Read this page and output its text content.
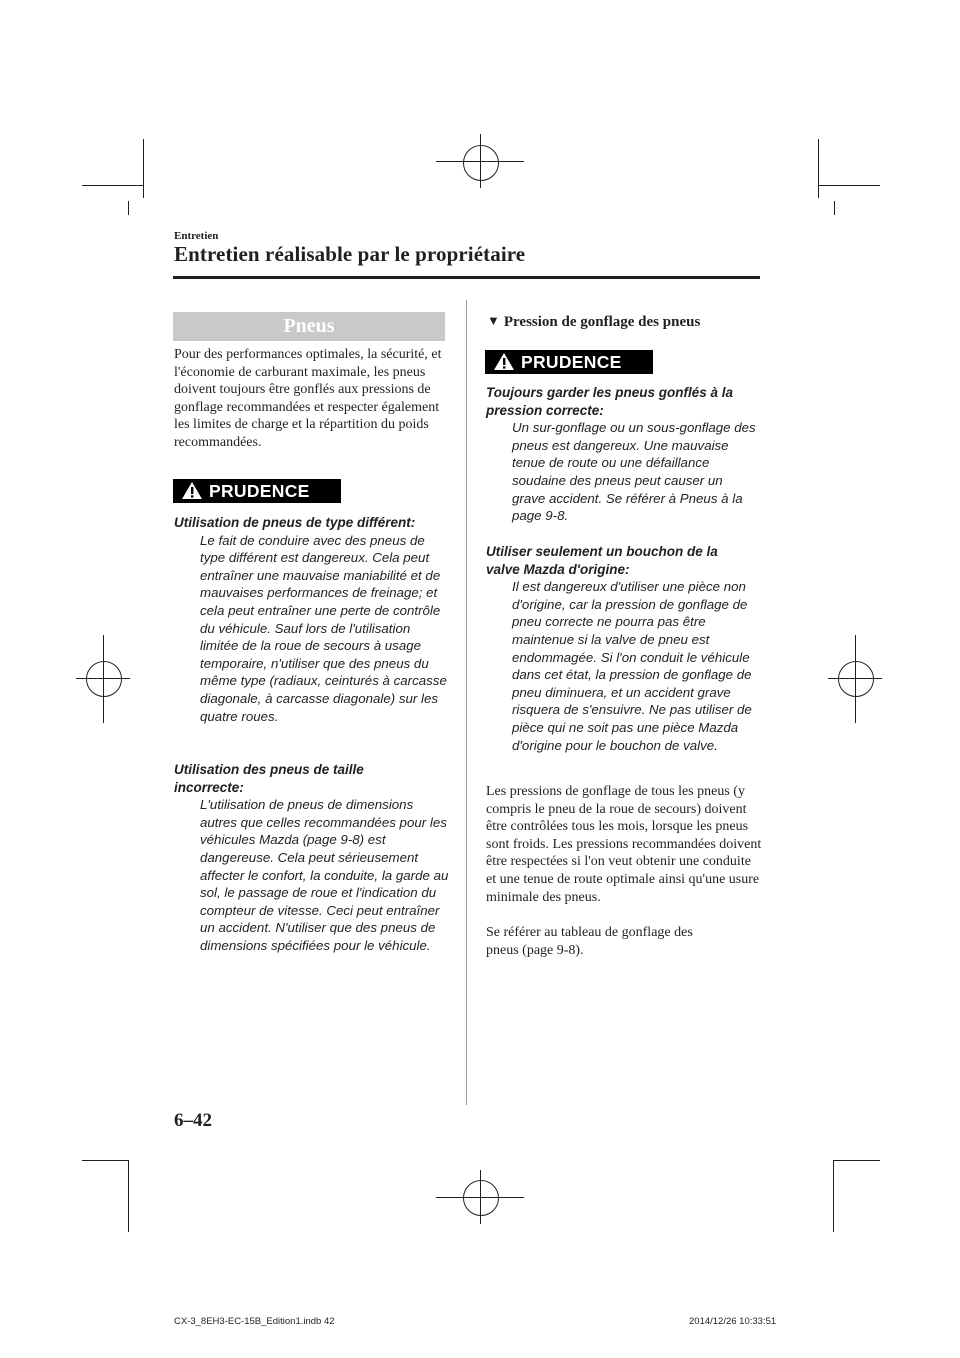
Entretien
Entretien réalisable par le propriétaire
Pneus
Pour des performances optimales, la sécurité, et l'économie de carburant maximale, les pneus doivent toujours être gonflés aux pressions de gonflage recommandées et respecter également les limites de charge et la répartition du poids recommandées.
PRUDENCE
Utilisation de pneus de type différent:
Le fait de conduire avec des pneus de type différent est dangereux. Cela peut entraîner une mauvaise maniabilité et de mauvaises performances de freinage; et cela peut entraîner une perte de contrôle du véhicule. Sauf lors de l'utilisation limitée de la roue de secours à usage temporaire, n'utiliser que des pneus du même type (radiaux, ceinturés à carcasse diagonale, à carcasse diagonale) sur les quatre roues.
Utilisation des pneus de taille incorrecte:
L'utilisation de pneus de dimensions autres que celles recommandées pour les véhicules Mazda (page 9-8) est dangereuse. Cela peut sérieusement affecter le confort, la conduite, la garde au sol, le passage de roue et l'indication du compteur de vitesse. Ceci peut entraîner un accident. N'utiliser que des pneus de dimensions spécifiées pour le véhicule.
▼ Pression de gonflage des pneus
PRUDENCE
Toujours garder les pneus gonflés à la pression correcte:
Un sur-gonflage ou un sous-gonflage des pneus est dangereux. Une mauvaise tenue de route ou une défaillance soudaine des pneus peut causer un grave accident. Se référer à Pneus à la page 9-8.
Utiliser seulement un bouchon de la valve Mazda d'origine:
Il est dangereux d'utiliser une pièce non d'origine, car la pression de gonflage de pneu correcte ne pourra pas être maintenue si la valve de pneu est endommagée. Si l'on conduit le véhicule dans cet état, la pression de gonflage de pneu diminuera, et un accident grave risquera de s'ensuivre. Ne pas utiliser de pièce qui ne soit pas une pièce Mazda d'origine pour le bouchon de valve.
Les pressions de gonflage de tous les pneus (y compris le pneu de la roue de secours) doivent être contrôlées tous les mois, lorsque les pneus sont froids. Les pressions recommandées doivent être respectées si l'on veut obtenir une conduite et une tenue de route optimale ainsi qu'une usure minimale des pneus.
Se référer au tableau de gonflage des pneus (page 9-8).
6–42
CX-3_8EH3-EC-15B_Edition1.indb 42	2014/12/26 10:33:51
